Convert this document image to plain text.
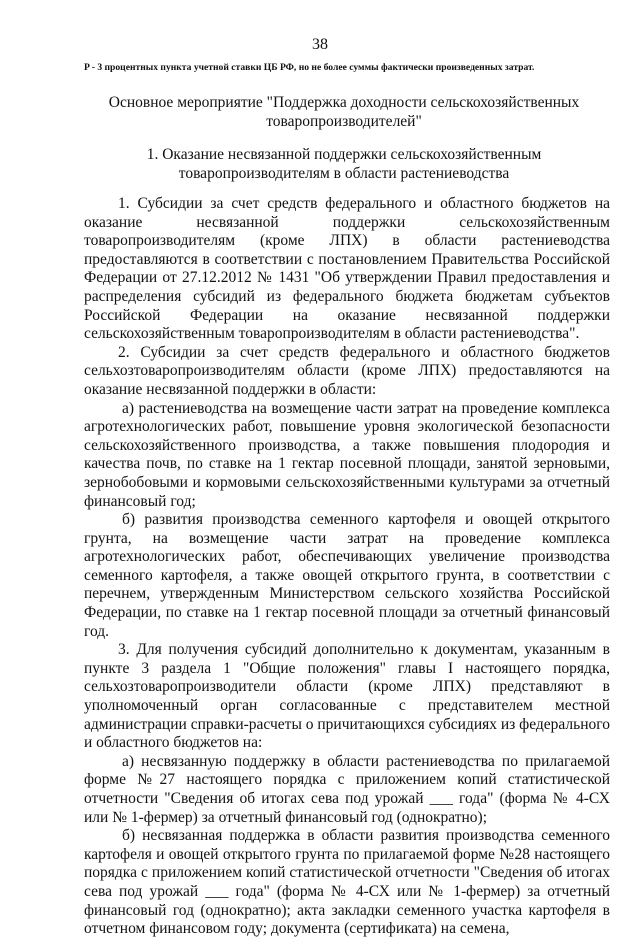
38
P - 3 процентных пункта учетной ставки ЦБ РФ, но не более суммы фактически произведенных затрат.
Основное мероприятие "Поддержка доходности сельскохозяйственных товаропроизводителей"
1. Оказание несвязанной поддержки сельскохозяйственным товаропроизводителям в области растениеводства

1. Субсидии за счет средств федерального и областного бюджетов на оказание несвязанной поддержки сельскохозяйственным товаропроизводителям (кроме ЛПХ) в области растениеводства предоставляются в соответствии с постановлением Правительства Российской Федерации от 27.12.2012 № 1431 "Об утверждении Правил предоставления и распределения субсидий из федерального бюджета бюджетам субъектов Российской Федерации на оказание несвязанной поддержки сельскохозяйственным товаропроизводителям в области растениеводства".

2. Субсидии за счет средств федерального и областного бюджетов сельхозтоваропроизводителям области (кроме ЛПХ) предоставляются на оказание несвязанной поддержки в области:

а) растениеводства на возмещение части затрат на проведение комплекса агротехнологических работ, повышение уровня экологической безопасности сельскохозяйственного производства, а также повышения плодородия и качества почв, по ставке на 1 гектар посевной площади, занятой зерновыми, зернобобовыми и кормовыми сельскохозяйственными культурами за отчетный финансовый год;

б) развития производства семенного картофеля и овощей открытого грунта, на возмещение части затрат на проведение комплекса агротехнологических работ, обеспечивающих увеличение производства семенного картофеля, а также овощей открытого грунта, в соответствии с перечнем, утвержденным Министерством сельского хозяйства Российской Федерации, по ставке на 1 гектар посевной площади за отчетный финансовый год.

3. Для получения субсидий дополнительно к документам, указанным в пункте 3 раздела 1 "Общие положения" главы I настоящего порядка, сельхозтоваропроизводители области (кроме ЛПХ) представляют в уполномоченный орган согласованные с представителем местной администрации справки-расчеты о причитающихся субсидиях из федерального и областного бюджетов на:

а) несвязанную поддержку в области растениеводства по прилагаемой форме №27 настоящего порядка с приложением копий статистической отчетности "Сведения об итогах сева под урожай ___ года" (форма № 4-СХ или № 1-фермер) за отчетный финансовый год (однократно);

б) несвязанная поддержка в области развития производства семенного картофеля и овощей открытого грунта по прилагаемой форме №28 настоящего порядка с приложением копий статистической отчетности "Сведения об итогах сева под урожай ___ года" (форма № 4-СХ или № 1-фермер) за отчетный финансовый год (однократно); акта закладки семенного участка картофеля в отчетном финансовом году; документа (сертификата) на семена,
